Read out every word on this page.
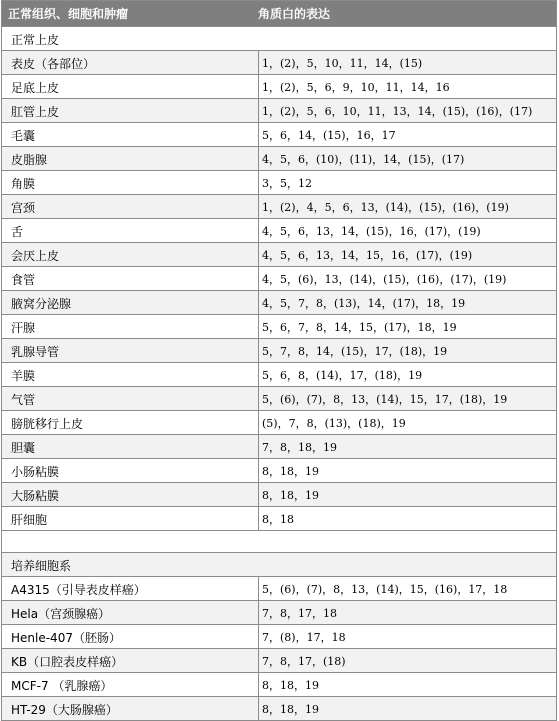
正常组织、细胞和肿瘤	角质白的表达
正常上皮
表皮（各部位）	1，(2)，5，10，11，14，(15)
足底上皮	1，(2)，5，6，9，10，11，14，16
肛管上皮	1，(2)，5，6，10，11，13，14，(15)，(16)，(17)
毛囊	5，6，14，(15)，16，17
皮脂腺	4，5，6，(10)，(11)，14，(15)，(17)
角膜	3，5，12
宫颈	1，(2)，4，5，6，13，(14)，(15)，(16)，(19)
舌	4，5，6，13，14，(15)，16，(17)，(19)
会厌上皮	4，5，6，13，14，15，16，(17)，(19)
食管	4，5，(6)，13，(14)，(15)，(16)，(17)，(19)
腋窝分泌腺	4，5，7，8，(13)，14，(17)，18，19
汗腺	5，6，7，8，14，15，(17)，18，19
乳腺导管	5，7，8，14，(15)，17，(18)，19
羊膜	5，6，8，(14)，17，(18)，19
气管	5，(6)，(7)，8，13，(14)，15，17，(18)，19
膀胱移行上皮	(5)，7，8，(13)，(18)，19
胆囊	7，8，18，19
小肠粘膜	8，18，19
大肠粘膜	8，18，19
肝细胞	8，18
培养细胞系
A4315（引导表皮样癌）	5，(6)，(7)，8，13，(14)，15，(16)，17，18
Hela（宫颈腺癌）	7，8，17，18
Henle-407（胚肠）	7，(8)，17，18
KB（口腔表皮样癌）	7，8，17，(18)
MCF-7 （乳腺癌）	8，18，19
HT-29（大肠腺癌）	8，18，19
